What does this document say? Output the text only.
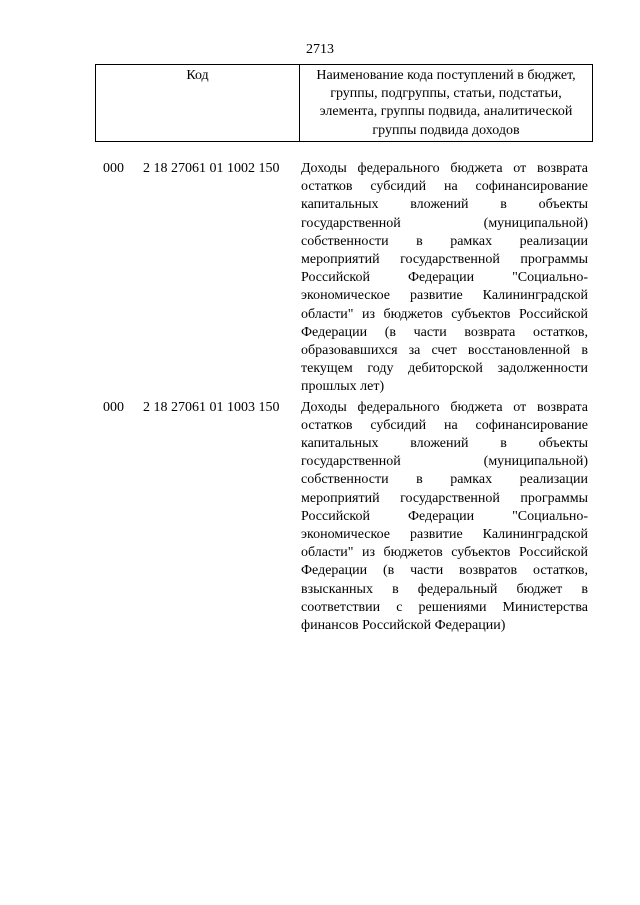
2713
Код	Наименование кода поступлений в бюджет, группы, подгруппы, статьи, подстатьи, элемента, группы подвида, аналитической группы подвида доходов
000 2 18 27061 01 1002 150 Доходы федерального бюджета от возврата остатков субсидий на софинансирование капитальных вложений в объекты государственной (муниципальной) собственности в рамках реализации мероприятий государственной программы Российской Федерации "Социально-экономическое развитие Калининградской области" из бюджетов субъектов Российской Федерации (в части возврата остатков, образовавшихся за счет восстановленной в текущем году дебиторской задолженности прошлых лет)
000 2 18 27061 01 1003 150 Доходы федерального бюджета от возврата остатков субсидий на софинансирование капитальных вложений в объекты государственной (муниципальной) собственности в рамках реализации мероприятий государственной программы Российской Федерации "Социально-экономическое развитие Калининградской области" из бюджетов субъектов Российской Федерации (в части возвратов остатков, взысканных в федеральный бюджет в соответствии с решениями Министерства финансов Российской Федерации)
